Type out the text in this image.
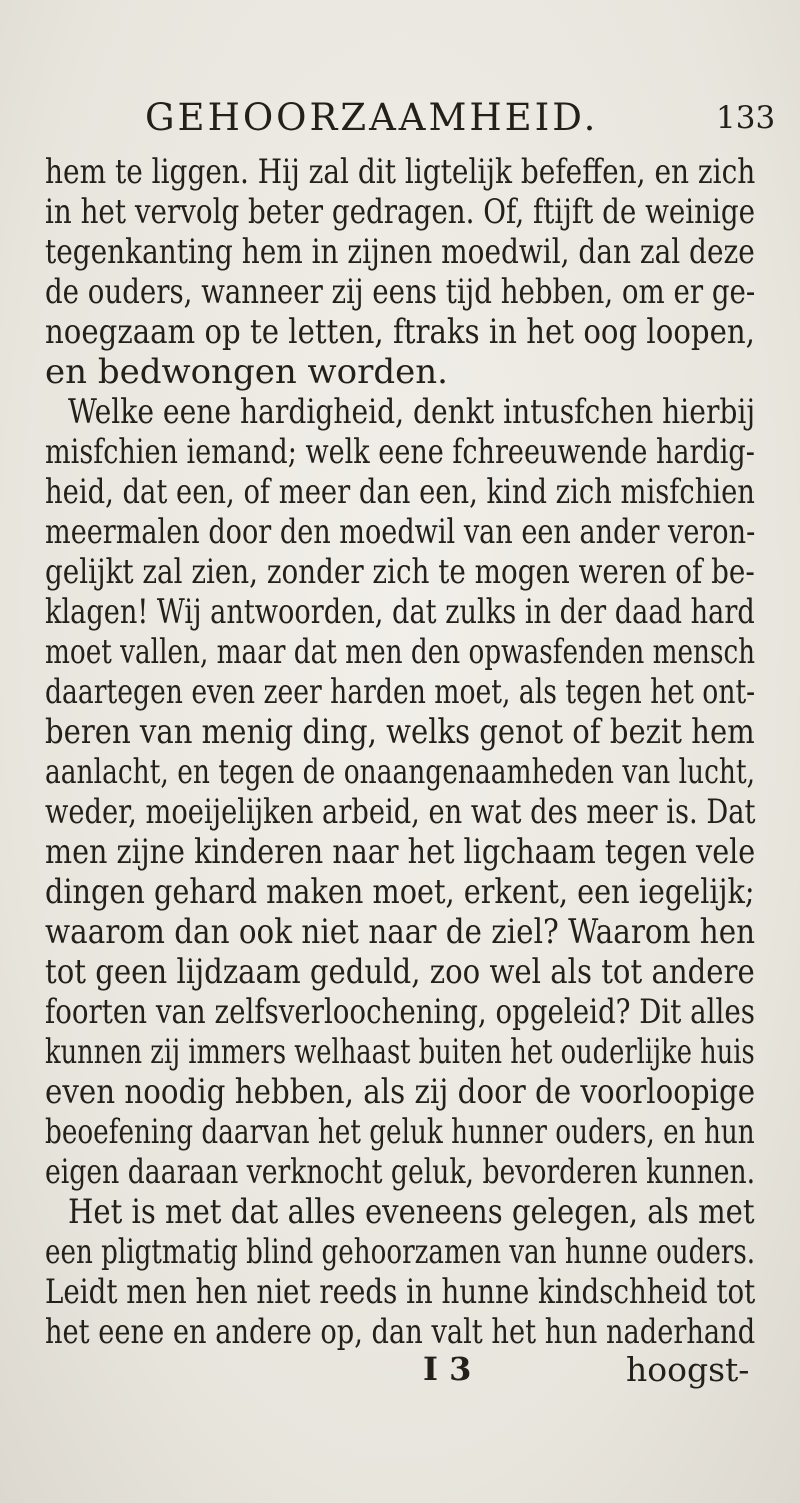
GEHOORZAAMHEID.	133
hem te liggen. Hij zal dit ligtelijk befeffen, en zich
in het vervolg beter gedragen. Of, ftijft de weinige
tegenkanting hem in zijnen moedwil, dan zal deze
de ouders, wanneer zij eens tijd hebben, om er ge-
noegzaam op te letten, ftraks in het oog loopen,
en bedwongen worden.
Welke eene hardigheid, denkt intusfchen hierbij
misfchien iemand; welk eene fchreeuwende hardig-
heid, dat een, of meer dan een, kind zich misfchien
meermalen door den moedwil van een ander veron-
gelijkt zal zien, zonder zich te mogen weren of be-
klagen! Wij antwoorden, dat zulks in der daad hard
moet vallen, maar dat men den opwasfenden mensch
daartegen even zeer harden moet, als tegen het ont-
beren van menig ding, welks genot of bezit hem
aanlacht, en tegen de onaangenaamheden van lucht,
weder, moeijelijken arbeid, en wat des meer is. Dat
men zijne kinderen naar het ligchaam tegen vele
dingen gehard maken moet, erkent, een iegelijk;
waarom dan ook niet naar de ziel? Waarom hen
tot geen lijdzaam geduld, zoo wel als tot andere
foorten van zelfsverloochening, opgeleid? Dit alles
kunnen zij immers welhaast buiten het ouderlijke huis
even noodig hebben, als zij door de voorloopige
beoefening daarvan het geluk hunner ouders, en hun
eigen daaraan verknocht geluk, bevorderen kunnen.
Het is met dat alles eveneens gelegen, als met
een pligtmatig blind gehoorzamen van hunne ouders.
Leidt men hen niet reeds in hunne kindschheid tot
het eene en andere op, dan valt het hun naderhand
I 3	hoogst-
